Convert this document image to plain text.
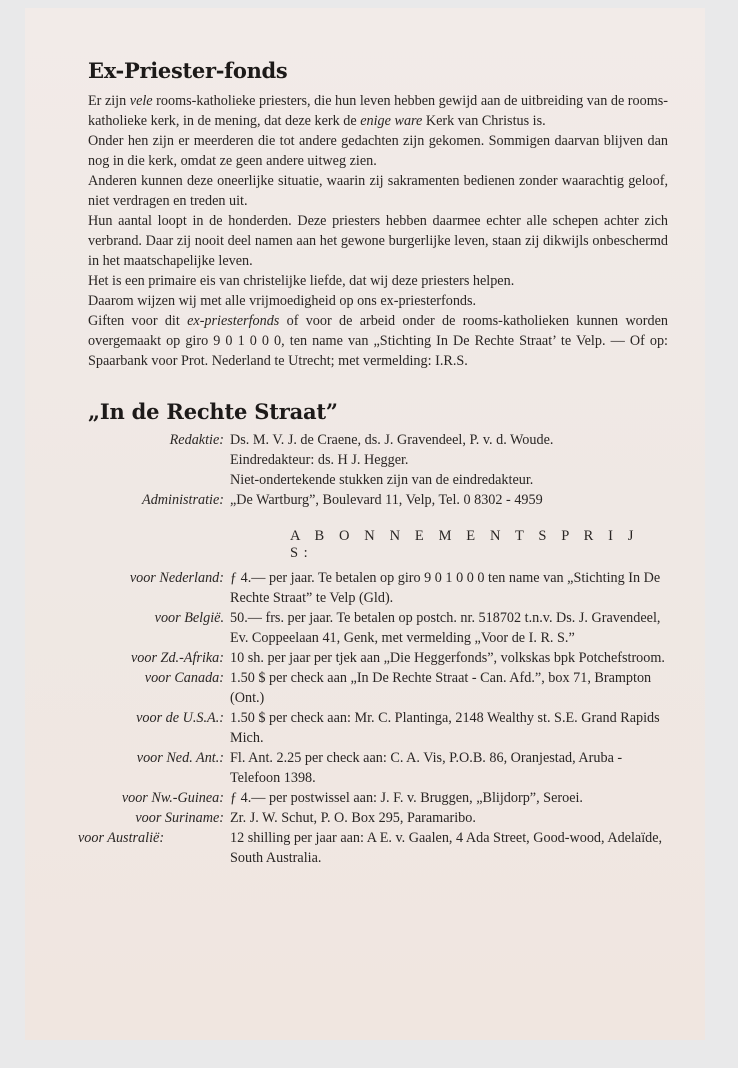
Ex-Priester-fonds

Er zijn vele rooms-katholieke priesters, die hun leven hebben gewijd aan de uitbreiding van de rooms-katholieke kerk, in de mening, dat deze kerk de enige ware Kerk van Christus is.

Onder hen zijn er meerderen die tot andere gedachten zijn gekomen. Sommigen daarvan blijven dan nog in die kerk, omdat ze geen andere uitweg zien.

Anderen kunnen deze oneerlijke situatie, waarin zij sakramenten bedienen zonder waarachtig geloof, niet verdragen en treden uit.

Hun aantal loopt in de honderden. Deze priesters hebben daarmee echter alle schepen achter zich verbrand. Daar zij nooit deel namen aan het gewone burgerlijke leven, staan zij dikwijls onbeschermd in het maatschapelijke leven.

Het is een primaire eis van christelijke liefde, dat wij deze priesters helpen.

Daarom wijzen wij met alle vrijmoedigheid op ons ex-priesterfonds.

Giften voor dit ex-priesterfonds of voor de arbeid onder de rooms-katholieken kunnen worden overgemaakt op giro 9 0 1 0 0 0, ten name van „Stichting In De Rechte Straat’ te Velp. — Of op: Spaarbank voor Prot. Nederland te Utrecht; met vermelding: I.R.S.

„In de Rechte Straat”
Redaktie: Ds. M. V. J. de Craene, ds. J. Gravendeel, P. v. d. Woude.

Eindredakteur: ds. H J. Hegger.

Niet-ondertekende stukken zijn van de eindredakteur.

Administratie: „De Wartburg”, Boulevard 11, Velp, Tel. 0 8302 - 4959
A B O N N E M E N T S P R I J S:
voor Nederland: ƒ 4.— per jaar. Te betalen op giro 9 0 1 0 0 0 ten name van „Stichting In De Rechte Straat” te Velp (Gld).
voor België. 50.— frs. per jaar. Te betalen op postch. nr. 518702 t.n.v. Ds. J. Gravendeel, Ev. Coppeelaan 41, Genk, met vermelding „Voor de I. R. S.”
voor Zd.-Afrika: 10 sh. per jaar per tjek aan „Die Heggerfonds”, volkskas bpk Potchefstroom.
voor Canada: 1.50 $ per check aan „In De Rechte Straat - Can. Afd.”, box 71, Brampton (Ont.)
voor de U.S.A.: 1.50 $ per check aan: Mr. C. Plantinga, 2148 Wealthy st. S.E. Grand Rapids Mich.
voor Ned. Ant.: Fl. Ant. 2.25 per check aan: C. A. Vis, P.O.B. 86, Oranjestad, Aruba - Telefoon 1398.
voor Nw.-Guinea: ƒ 4.— per postwissel aan: J. F. v. Bruggen, „Blijdorp”, Seroei.
voor Suriname: Zr. J. W. Schut, P. O. Box 295, Paramaribo.
voor Australië:	12 shilling per jaar aan: A E. v. Gaalen, 4 Ada Street, Good-wood, Adelaïde, South Australia.
